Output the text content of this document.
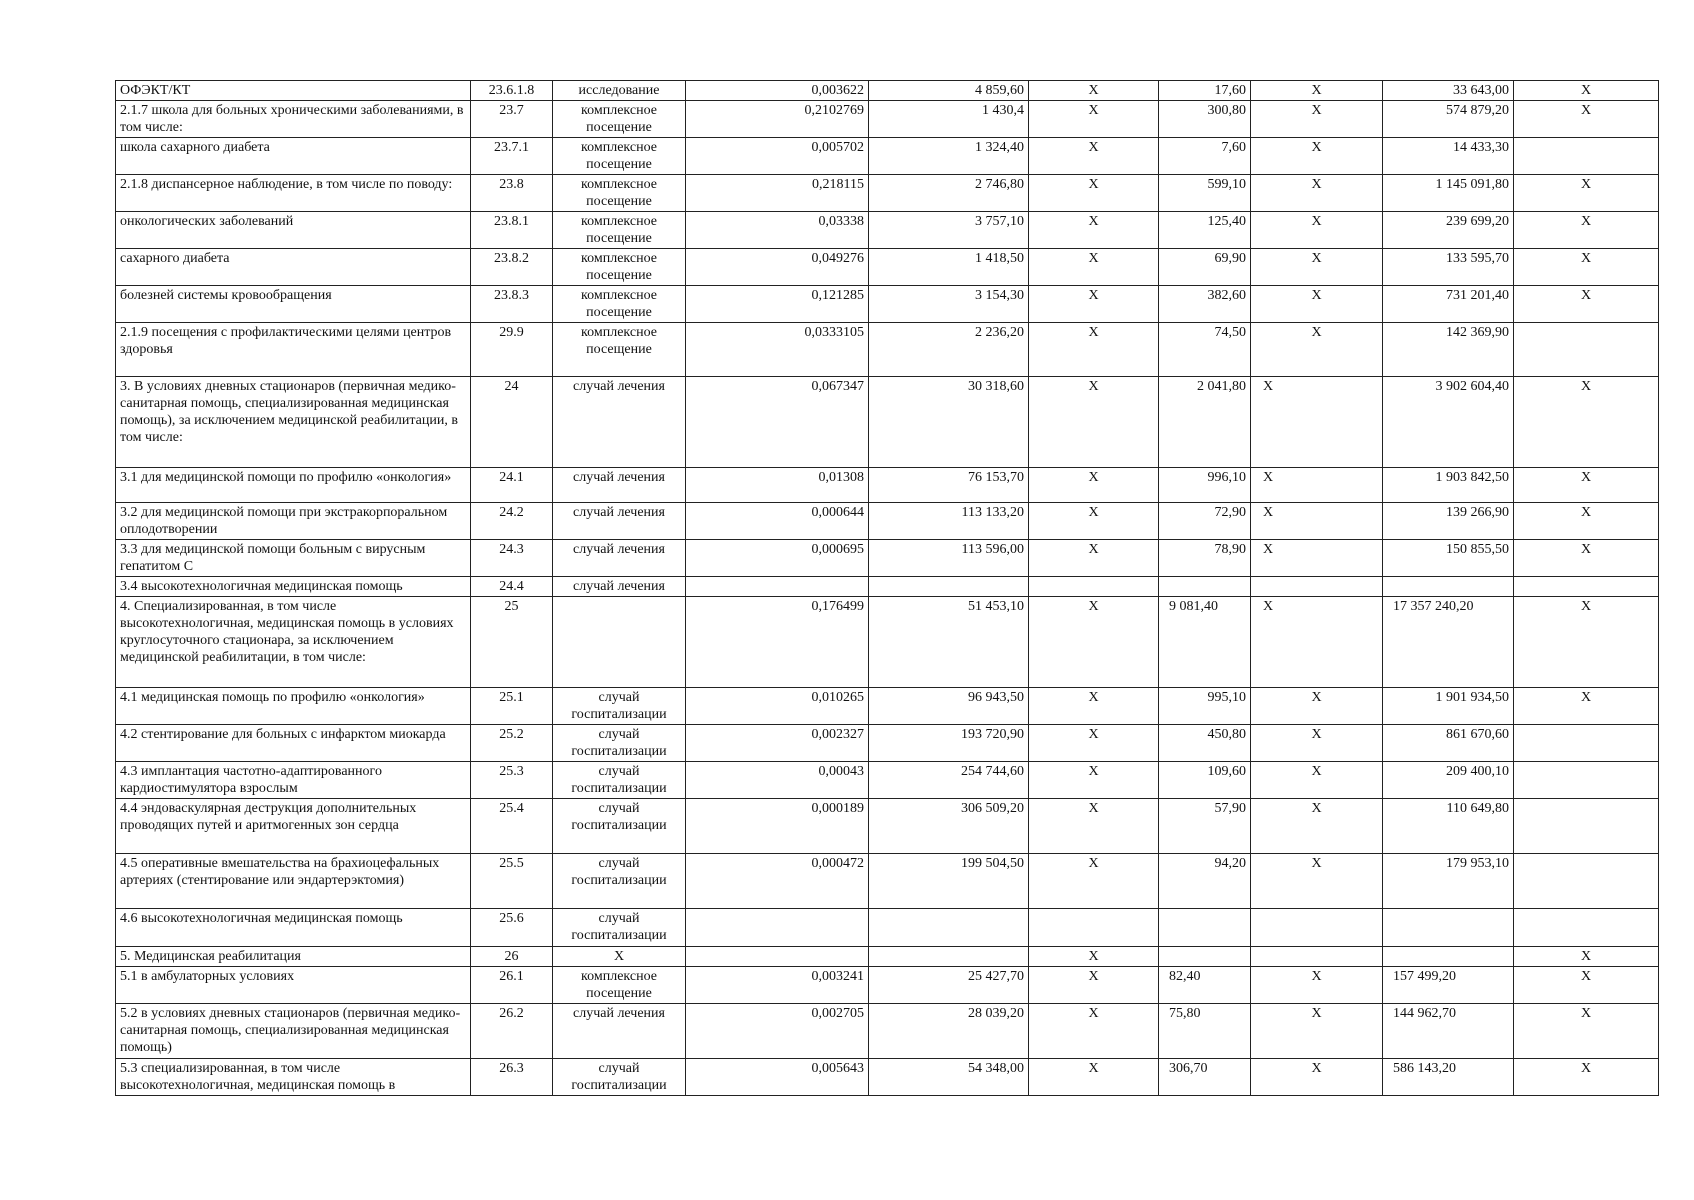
ОФЭКТ/КТ	23.6.1.8	исследование	0,003622	4 859,60	X	17,60	X	33 643,00	X
2.1.7 школа для больных хроническими заболеваниями, в том числе:	23.7	комплексное посещение	0,2102769	1 430,4	X	300,80	X	574 879,20	X
школа сахарного диабета	23.7.1	комплексное посещение	0,005702	1 324,40	X	7,60	X	14 433,30	
2.1.8 диспансерное наблюдение, в том числе по поводу:	23.8	комплексное посещение	0,218115	2 746,80	X	599,10	X	1 145 091,80	X
онкологических заболеваний	23.8.1	комплексное посещение	0,03338	3 757,10	X	125,40	X	239 699,20	X
сахарного диабета	23.8.2	комплексное посещение	0,049276	1 418,50	X	69,90	X	133 595,70	X
болезней системы кровообращения	23.8.3	комплексное посещение	0,121285	3 154,30	X	382,60	X	731 201,40	X
2.1.9 посещения с профилактическими целями центров здоровья	29.9	комплексное посещение	0,0333105	2 236,20	X	74,50	X	142 369,90	
3. В условиях дневных стационаров (первичная медико-санитарная помощь, специализированная медицинская помощь), за исключением медицинской реабилитации, в том числе:	24	случай лечения	0,067347	30 318,60	X	2 041,80	X	3 902 604,40	X
3.1 для медицинской помощи по профилю «онкология»	24.1	случай лечения	0,01308	76 153,70	X	996,10	X	1 903 842,50	X
3.2 для медицинской помощи при экстракорпоральном оплодотворении	24.2	случай лечения	0,000644	113 133,20	X	72,90	X	139 266,90	X
3.3 для медицинской помощи больным с вирусным гепатитом С	24.3	случай лечения	0,000695	113 596,00	X	78,90	X	150 855,50	X
3.4 высокотехнологичная медицинская помощь	24.4	случай лечения							
4. Специализированная, в том числе высокотехнологичная, медицинская помощь в условиях круглосуточного стационара, за исключением медицинской реабилитации, в том числе:	25		0,176499	51 453,10	X	9 081,40	X	17 357 240,20	X
4.1 медицинская помощь по профилю «онкология»	25.1	случай госпитализации	0,010265	96 943,50	X	995,10	X	1 901 934,50	X
4.2 стентирование для больных с инфарктом миокарда	25.2	случай госпитализации	0,002327	193 720,90	X	450,80	X	861 670,60	
4.3 имплантация частотно-адаптированного кардиостимулятора взрослым	25.3	случай госпитализации	0,00043	254 744,60	X	109,60	X	209 400,10	
4.4 эндоваскулярная деструкция дополнительных проводящих путей и аритмогенных зон сердца	25.4	случай госпитализации	0,000189	306 509,20	X	57,90	X	110 649,80	
4.5 оперативные вмешательства на брахиоцефальных артериях (стентирование или эндартерэктомия)	25.5	случай госпитализации	0,000472	199 504,50	X	94,20	X	179 953,10	
4.6 высокотехнологичная медицинская помощь	25.6	случай госпитализации							
5. Медицинская реабилитация	26	X			X				X
5.1 в амбулаторных условиях	26.1	комплексное посещение	0,003241	25 427,70	X	82,40	X	157 499,20	X
5.2 в условиях дневных стационаров (первичная медико-санитарная помощь, специализированная медицинская помощь)	26.2	случай лечения	0,002705	28 039,20	X	75,80	X	144 962,70	X
5.3 специализированная, в том числе высокотехнологичная, медицинская помощь в	26.3	случай госпитализации	0,005643	54 348,00	X	306,70	X	586 143,20	X
